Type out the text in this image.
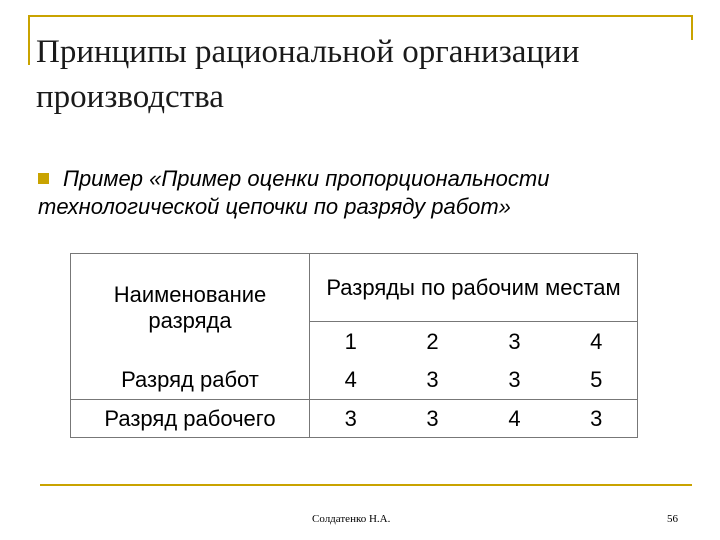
Принципы рациональной организации производства
Пример «Пример оценки пропорциональности технологической цепочки по разряду работ»
Наименование разряда	Разряды по рабочим местам			
	1	2	3	4
Разряд работ	4	3	3	5
Разряд рабочего	3	3	4	3
Солдатенко Н.А.	56
